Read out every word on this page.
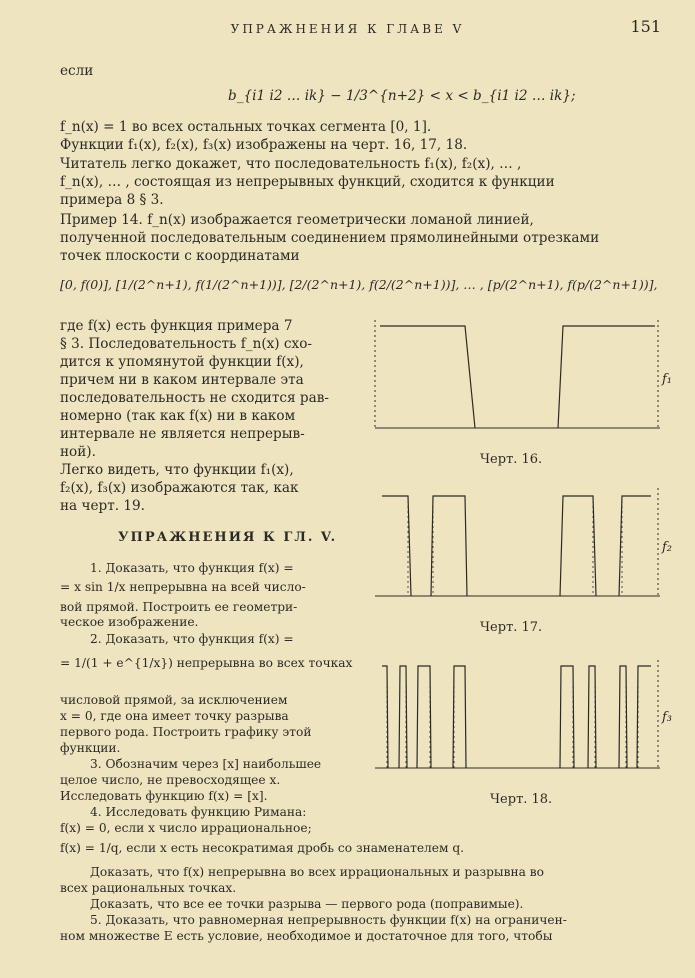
УПРАЖНЕНИЯ К ГЛАВЕ V	151
если
b_{i1 i2 … ik} − 1/3^{n+2} < x < b_{i1 i2 … ik};
f_n(x) = 1 во всех остальных точках сегмента [0, 1].
Функции f₁(x), f₂(x), f₃(x) изображены на черт. 16, 17, 18.
Читатель легко докажет, что последовательность f₁(x), f₂(x), … ,
f_n(x), … , состоящая из непрерывных функций, сходится к функции
примера 8 § 3.
Пример 14. f_n(x) изображается геометрически ломаной линией,
полученной последовательным соединением прямолинейными отрезками
точек плоскости с координатами
[0, f(0)], [1/(2^n+1), f(1/(2^n+1))], [2/(2^n+1), f(2/(2^n+1))], … , [p/(2^n+1), f(p/(2^n+1))],
где f(x) есть функция примера 7
§ 3. Последовательность f_n(x) схо-
дится к упомянутой функции f(x),
причем ни в каком интервале эта
последовательность не сходится рав-
номерно (так как f(x) ни в каком
интервале не является непрерыв-
ной).
Легко видеть, что функции f₁(x),
f₂(x), f₃(x) изображаются так, как
на черт. 19.
УПРАЖНЕНИЯ К ГЛ. V.
1. Доказать, что функция f(x) =
= x sin 1/x непрерывна на всей число-
вой прямой. Построить ее геометри-
ческое изображение.
2. Доказать, что функция f(x) =
= 1/(1 + e^{1/x}) непрерывна во всех точках
числовой прямой, за исключением
x = 0, где она имеет точку разрыва
первого рода. Построить графику этой
функции.
3. Обозначим через [x] наибольшее
целое число, не превосходящее x.
Исследовать функцию f(x) = [x].
4. Исследовать функцию Римана:
f(x) = 0, если x число иррациональное;
f(x) = 1/q, если x есть несократимая дробь со знаменателем q.
Доказать, что f(x) непрерывна во всех иррациональных и разрывна во
всех рациональных точках.
Доказать, что все ее точки разрыва — первого рода (поправимые).
5. Доказать, что равномерная непрерывность функции f(x) на ограничен-
ном множестве E есть условие, необходимое и достаточное для того, чтобы
f₁
Черт. 16.
f₂
Черт. 17.
f₃
Черт. 18.
